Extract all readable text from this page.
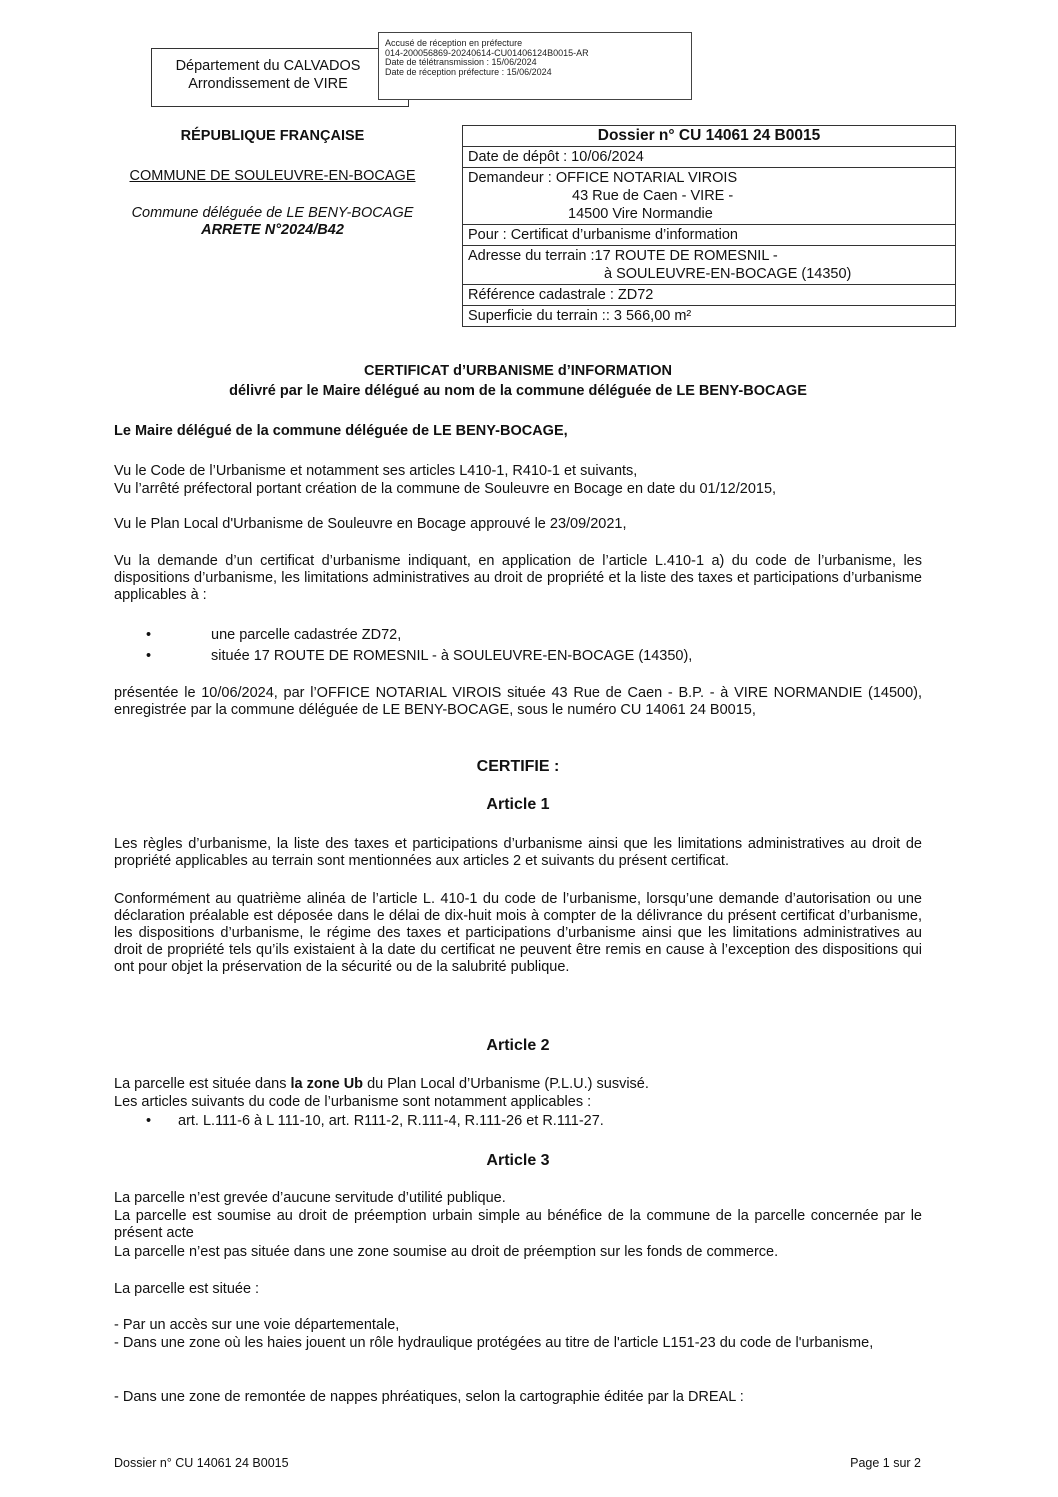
Département du CALVADOS
Arrondissement de VIRE
Accusé de réception en préfecture
014-200056869-20240614-CU01406124B0015-AR
Date de télétransmission : 15/06/2024
Date de réception préfecture : 15/06/2024
RÉPUBLIQUE FRANÇAISE
COMMUNE DE SOULEUVRE-EN-BOCAGE
Commune déléguée de LE BENY-BOCAGE
ARRETE N°2024/B42
Dossier n° CU 14061 24 B0015
Date de dépôt : 10/06/2024
Demandeur : OFFICE NOTARIAL VIROIS
43 Rue de Caen - VIRE -
14500 Vire Normandie
Pour : Certificat d’urbanisme d’information
Adresse du terrain :17 ROUTE DE ROMESNIL -
à SOULEUVRE-EN-BOCAGE (14350)
Référence cadastrale : ZD72
Superficie du terrain :: 3 566,00 m²
CERTIFICAT d’URBANISME d’INFORMATION
délivré par le Maire délégué au nom de la commune déléguée de LE BENY-BOCAGE
Le Maire délégué de la commune déléguée de LE BENY-BOCAGE,
Vu le Code de l’Urbanisme et notamment ses articles L410-1, R410-1 et suivants,
Vu l’arrêté préfectoral portant création de la commune de Souleuvre en Bocage en date du 01/12/2015,
Vu le Plan Local d'Urbanisme de Souleuvre en Bocage approuvé le 23/09/2021,
Vu la demande d’un certificat d’urbanisme indiquant, en application de l’article L.410-1 a) du code de l’urbanisme, les dispositions d’urbanisme, les limitations administratives au droit de propriété et la liste des taxes et participations d’urbanisme applicables à :
•	une parcelle cadastrée ZD72,
•	située 17 ROUTE DE ROMESNIL - à SOULEUVRE-EN-BOCAGE (14350),
présentée le 10/06/2024, par l’OFFICE NOTARIAL VIROIS située 43 Rue de Caen - B.P. - à VIRE NORMANDIE (14500), enregistrée par la commune déléguée de LE BENY-BOCAGE, sous le numéro CU 14061 24 B0015,
CERTIFIE :
Article 1
Les règles d’urbanisme, la liste des taxes et participations d’urbanisme ainsi que les limitations administratives au droit de propriété applicables au terrain sont mentionnées aux articles 2 et suivants du présent certificat.
Conformément au quatrième alinéa de l’article L. 410-1 du code de l’urbanisme, lorsqu’une demande d’autorisation ou une déclaration préalable est déposée dans le délai de dix-huit mois à compter de la délivrance du présent certificat d’urbanisme, les dispositions d’urbanisme, le régime des taxes et participations d’urbanisme ainsi que les limitations administratives au droit de propriété tels qu’ils existaient à la date du certificat ne peuvent être remis en cause à l’exception des dispositions qui ont pour objet la préservation de la sécurité ou de la salubrité publique.
Article 2
La parcelle est située dans la zone Ub du Plan Local d’Urbanisme (P.L.U.) susvisé.
Les articles suivants du code de l’urbanisme sont notamment applicables :
• art. L.111-6 à L 111-10, art. R111-2, R.111-4, R.111-26 et R.111-27.
Article 3
La parcelle n’est grevée d’aucune servitude d’utilité publique.
La parcelle est soumise au droit de préemption urbain simple au bénéfice de la commune de la parcelle concernée par le présent acte
La parcelle n’est pas située dans une zone soumise au droit de préemption sur les fonds de commerce.
La parcelle est située :
- Par un accès sur une voie départementale,
- Dans une zone où les haies jouent un rôle hydraulique protégées au titre de l'article L151-23 du code de l'urbanisme,
- Dans une zone de remontée de nappes phréatiques, selon la cartographie éditée par la DREAL :
Dossier n° CU 14061 24 B0015	Page 1 sur 2
